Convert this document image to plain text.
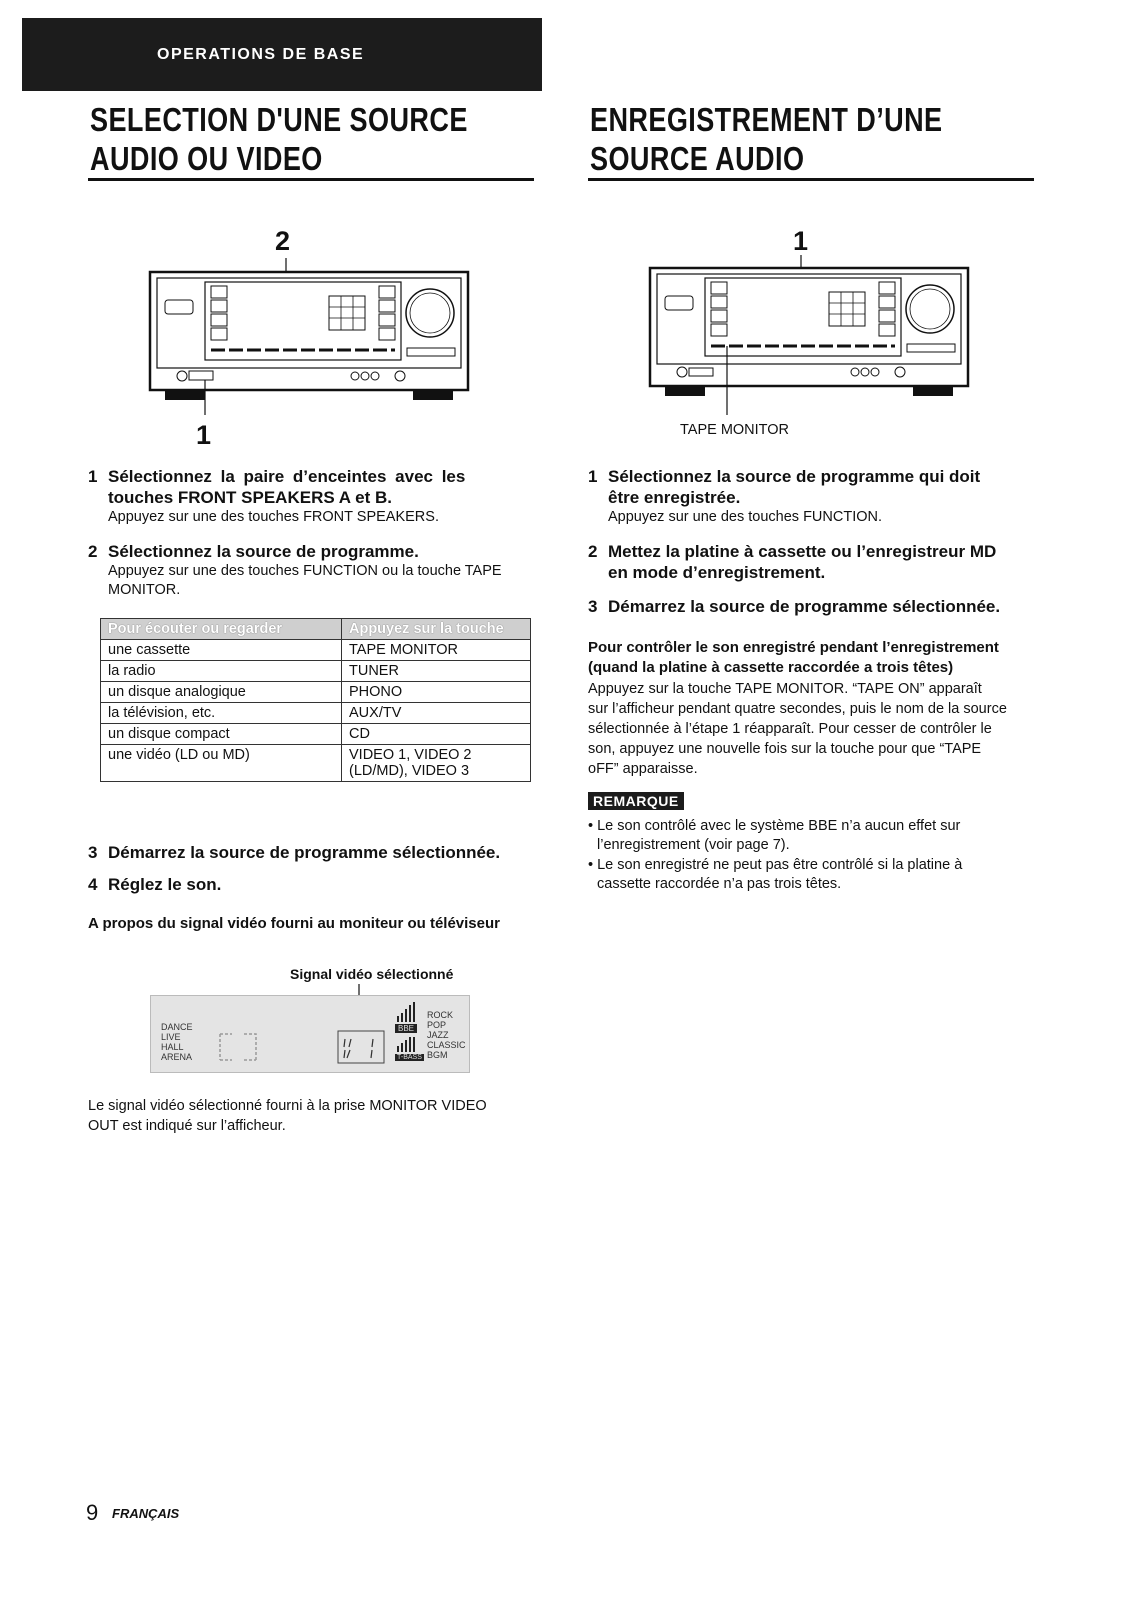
OPERATIONS DE BASE
SELECTION D'UNE SOURCE
AUDIO OU VIDEO
ENREGISTREMENT D’UNE
SOURCE AUDIO
2
1
1
TAPE MONITOR
1 Sélectionnez la paire d’enceintes avec les
touches FRONT SPEAKERS A et B.
Appuyez sur une des touches FRONT SPEAKERS.
2 Sélectionnez la source de programme.
Appuyez sur une des touches FUNCTION ou la touche TAPE
MONITOR.
Pour écouter ou regarder	Appuyez sur la touche
une cassette	TAPE MONITOR
la radio	TUNER
un disque analogique	PHONO
la télévision, etc.	AUX/TV
un disque compact	CD
une vidéo (LD ou MD)	VIDEO 1, VIDEO 2
(LD/MD), VIDEO 3
3 Démarrez la source de programme sélectionnée.
4 Réglez le son.
A propos du signal vidéo fourni au moniteur ou téléviseur
Signal vidéo sélectionné
DANCE
LIVE
HALL
ARENA
BBE
T-BASS
ROCK
POP
JAZZ
CLASSIC
BGM
Le signal vidéo sélectionné fourni à la prise MONITOR VIDEO
OUT est indiqué sur l’afficheur.
1 Sélectionnez la source de programme qui doit
être enregistrée.
Appuyez sur une des touches FUNCTION.
2 Mettez la platine à cassette ou l’enregistreur MD
en mode d’enregistrement.
3 Démarrez la source de programme sélectionnée.
Pour contrôler le son enregistré pendant l’enregistrement
(quand la platine à cassette raccordée a trois têtes)
Appuyez sur la touche TAPE MONITOR. “TAPE ON” apparaît
sur l’afficheur pendant quatre secondes, puis le nom de la source
sélectionnée à l’étape 1 réapparaît. Pour cesser de contrôler le
son, appuyez une nouvelle fois sur la touche pour que “TAPE
oFF” apparaisse.
REMARQUE
• Le son contrôlé avec le système BBE n’a aucun effet sur
l’enregistrement (voir page 7).
• Le son enregistré ne peut pas être contrôlé si la platine à
cassette raccordée n’a pas trois têtes.
9 FRANÇAIS
